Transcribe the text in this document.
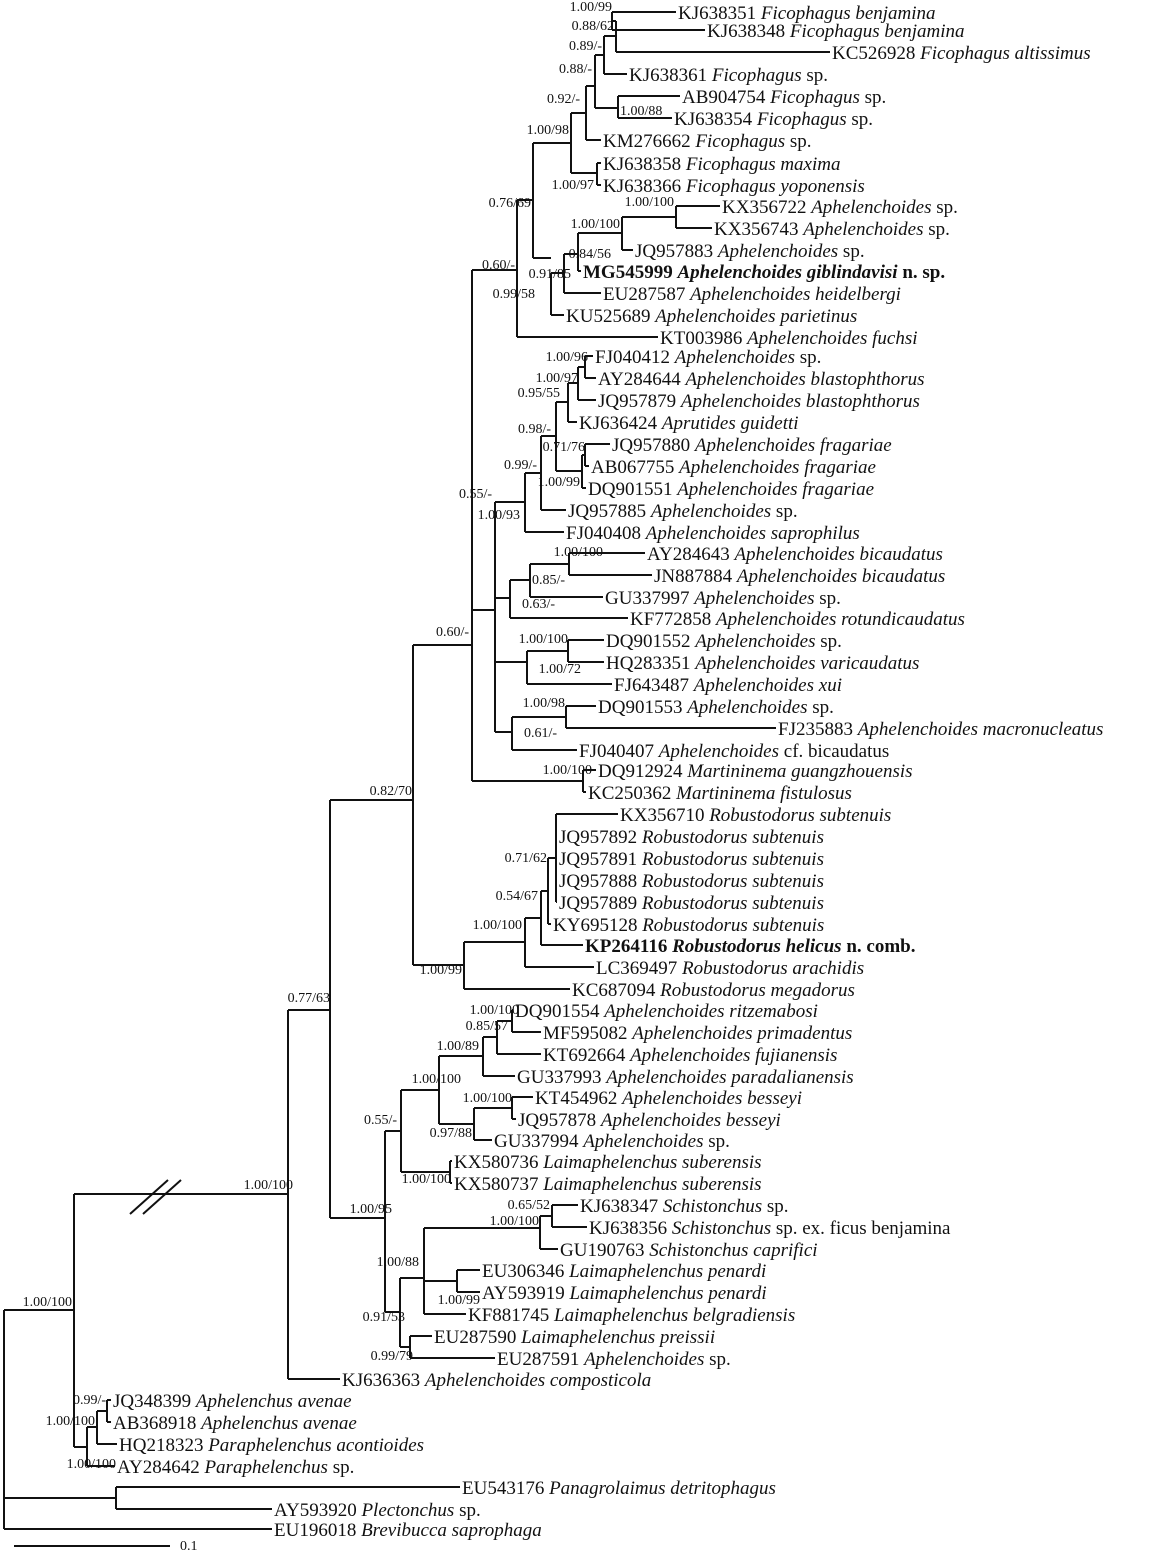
0.1
KJ638351 Ficophagus benjamina
KJ638348 Ficophagus benjamina
KC526928 Ficophagus altissimus
KJ638361 Ficophagus sp.
AB904754 Ficophagus sp.
KJ638354 Ficophagus sp.
KM276662 Ficophagus sp.
KJ638358 Ficophagus maxima
KJ638366 Ficophagus yoponensis
KX356722 Aphelenchoides sp.
KX356743 Aphelenchoides sp.
JQ957883 Aphelenchoides sp.
MG545999 Aphelenchoides giblindavisi n. sp.
EU287587 Aphelenchoides heidelbergi
KU525689 Aphelenchoides parietinus
KT003986 Aphelenchoides fuchsi
FJ040412 Aphelenchoides sp.
AY284644 Aphelenchoides blastophthorus
JQ957879 Aphelenchoides blastophthorus
KJ636424 Aprutides guidetti
JQ957880 Aphelenchoides fragariae
AB067755 Aphelenchoides fragariae
DQ901551 Aphelenchoides fragariae
JQ957885 Aphelenchoides sp.
FJ040408 Aphelenchoides saprophilus
AY284643 Aphelenchoides bicaudatus
JN887884 Aphelenchoides bicaudatus
GU337997 Aphelenchoides sp.
KF772858 Aphelenchoides rotundicaudatus
DQ901552 Aphelenchoides sp.
HQ283351 Aphelenchoides varicaudatus
FJ643487 Aphelenchoides xui
DQ901553 Aphelenchoides sp.
FJ235883 Aphelenchoides macronucleatus
FJ040407 Aphelenchoides cf. bicaudatus
DQ912924 Martininema guangzhouensis
KC250362 Martininema fistulosus
KX356710 Robustodorus subtenuis
JQ957892 Robustodorus subtenuis
JQ957891 Robustodorus subtenuis
JQ957888 Robustodorus subtenuis
JQ957889 Robustodorus subtenuis
KY695128 Robustodorus subtenuis
KP264116 Robustodorus helicus n. comb.
LC369497 Robustodorus arachidis
KC687094 Robustodorus megadorus
DQ901554 Aphelenchoides ritzemabosi
MF595082 Aphelenchoides primadentus
KT692664 Aphelenchoides fujianensis
GU337993 Aphelenchoides paradalianensis
KT454962 Aphelenchoides besseyi
JQ957878 Aphelenchoides besseyi
GU337994 Aphelenchoides sp.
KX580736 Laimaphelenchus suberensis
KX580737 Laimaphelenchus suberensis
KJ638347 Schistonchus sp.
KJ638356 Schistonchus sp. ex. ficus benjamina
GU190763 Schistonchus caprifici
EU306346 Laimaphelenchus penardi
AY593919 Laimaphelenchus penardi
KF881745 Laimaphelenchus belgradiensis
EU287590 Laimaphelenchus preissii
EU287591 Aphelenchoides sp.
KJ636363 Aphelenchoides composticola
JQ348399 Aphelenchus avenae
AB368918 Aphelenchus avenae
HQ218323 Paraphelenchus acontioides
AY284642 Paraphelenchus sp.
EU543176 Panagrolaimus detritophagus
AY593920 Plectonchus sp.
EU196018 Brevibucca saprophaga
1.00/99
0.88/62
0.89/-
0.88/-
0.92/-
1.00/88
1.00/98
1.00/97
0.76/69	1.00/100
1.00/100
0.84/56
0.60/-
0.91/85
0.99/58
1.00/96
1.00/97
0.95/55
0.98/-
0.71/76
0.99/-
1.00/99
0.55/-
1.00/93
1.00/100
0.85/-
0.63/-
1.00/100
1.00/72
1.00/98
0.61/-
1.00/100
0.60/-
0.82/70
0.71/62
0.54/67
1.00/100
1.00/99
1.00/100
0.85/57
1.00/89
1.00/100
1.00/100
0.97/88
0.55/-
1.00/100
0.77/63
0.65/52
1.00/100
1.00/95
1.00/88
1.00/99
0.91/53
0.99/79
1.00/100
1.00/100
0.99/-
1.00/100
1.00/100
